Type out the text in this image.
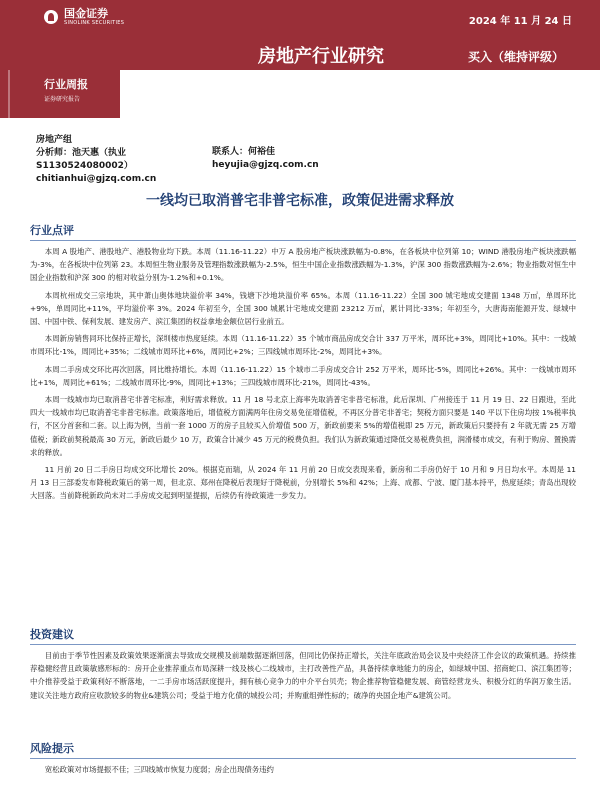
国金证券
SINOLINK SECURITIES	2024 年 11 月 24 日
房地产行业研究	买入（维持评级）
行业周报
证券研究报告
房地产组
分析师：池天惠（执业
S1130524080002）
chitianhui@gjzq.com.cn
联系人：何裕佳
heyujia@gjzq.com.cn
一线均已取消普宅非普宅标准，政策促进需求释放
行业点评

本周 A 股地产、港股地产、港股物业均下跌。本周（11.16-11.22）中万 A 股房地产板块涨跌幅为-0.8%，在各板块中位列第 10；WIND 港股房地产板块涨跌幅为-3%，在各板块中位列第 23。本周恒生物业服务及管理指数涨跌幅为-2.5%，恒生中国企业指数涨跌幅为-1.3%，沪深 300 指数涨跌幅为-2.6%；物业指数对恒生中国企业指数和沪深 300 的相对收益分别为-1.2%和+0.1%。

本周杭州成交三宗地块，其中萧山奥体地块溢价率 34%，钱塘下沙地块溢价率 65%。本周（11.16-11.22）全国 300 城宅地成交建面 1348 万㎡，单周环比+9%，单周同比+11%，平均溢价率 3%。2024 年初至今，全国 300 城累计宅地成交建面 23212 万㎡，累计同比-33%；年初至今，大唐海南能源开发、绿城中国、中国中铁、保利发展、建发房产、滨江集团的权益拿地金额位居行业前五。

本周新房销售同环比保持正增长，深圳楼市热度延续。本周（11.16-11.22）35 个城市商品房成交合计 337 万平米，周环比+3%，周同比+10%。其中：一线城市周环比-1%，周同比+35%；二线城市周环比+6%，周同比+2%；三四线城市周环比-2%，周同比+3%。

本周二手房成交环比再次回落，同比维持增长。本周（11.16-11.22）15 个城市二手房成交合计 252 万平米，周环比-5%，周同比+26%。其中：一线城市周环比+1%，周同比+61%；二线城市周环比-9%，周同比+13%；三四线城市周环比-21%，周同比-43%。

本周一线城市均已取消普宅非普宅标准，利好需求释放。11 月 18 号北京上海率先取消普宅非普宅标准，此后深圳、广州接连于 11 月 19 日、22 日跟进，至此四大一线城市均已取消普宅非普宅标准。政策落地后，增值税方面满两年住房交易免征增值税，不再区分普宅非普宅；契税方面只要是 140 平以下住房均按 1%税率执行，不区分首套和二套。以上海为例，当前一套 1000 万的房子且较买入价增值 500 万，新政前要来 5%的增值税即 25 万元，新政策后只要持有 2 年就无需 25 万增值税；新政前契税最高 30 万元，新政后最少 10 万，政策合计减少 45 万元的税费负担。我们认为新政策通过降低交易税费负担，润滑楼市成交，有利于购房、置换需求的释放。

11 月前 20 日二手房日均成交环比增长 20%。根据克而瑞，从 2024 年 11 月前 20 日成交表现来看，新房和二手房仍好于 10 月和 9 月日均水平。本周是 11 月 13 日三部委发布降税政策后的第一周，但北京、郑州在降税后表现好于降税前，分别增长 5%和 42%；上海、成都、宁波、厦门基本持平，热度延续；青岛出现较大回落。当前降税新政尚未对二手房成交起到明显提振，后续仍有待政策进一步发力。

投资建议

目前由于季节性因素及政策效果逐渐演去导致成交规模及前端数据逐渐回落，但同比仍保持正增长，关注年底政治局会议及中央经济工作会议的政策机遇。持续推荐稳健经营且政策敏感形标的：房开企业推荐重点布局深耕一线及核心二线城市，主打改善性产品，具备持续拿地能力的房企，如绿城中国、招商蛇口、滨江集团等；中介推荐受益于政策利好不断落地，一二手房市场活跃度提升，拥有核心竞争力的中介平台贝壳；物企推荐物管稳健发展、商管经营龙头、积极分红的华润万象生活。建议关注地方政府应收款较多的物业&建筑公司；受益于地方化债的城投公司；并购重组弹性标的；破净的央国企地产&建筑公司。

风险提示

宽松政策对市场提振不佳；三四线城市恢复力度弱；房企出现债务违约
